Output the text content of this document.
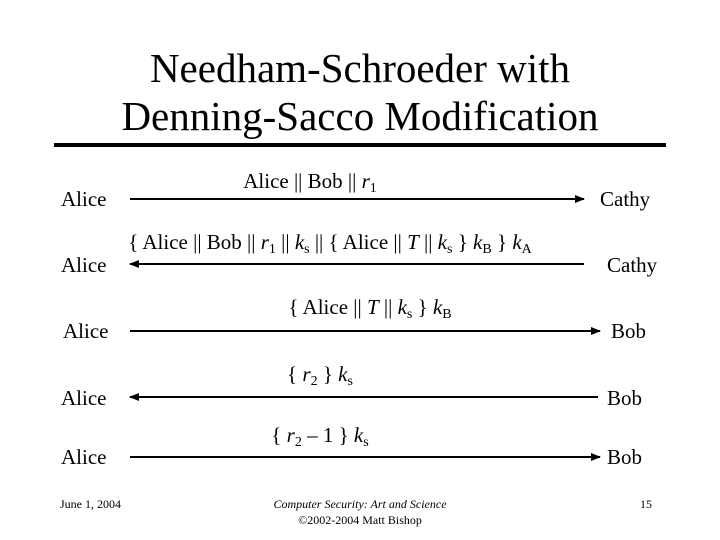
Needham-Schroeder with
Denning-Sacco Modification
Alice	Cathy
Alice || Bob || $r_1$
Alice	Cathy
{ Alice || Bob || $r_1$ || $k_s$ || { Alice || T || $k_s$ } $k_B$ } $k_A$
Alice	Bob
{ Alice || T || $k_s$ } $k_B$
Alice	Bob
{ $r_2$ } $k_s$
Alice	Bob
{ $r_2 - 1$ } $k_s$
June 1, 2004	Computer Security: Art and Science
©2002-2004 Matt Bishop
15
